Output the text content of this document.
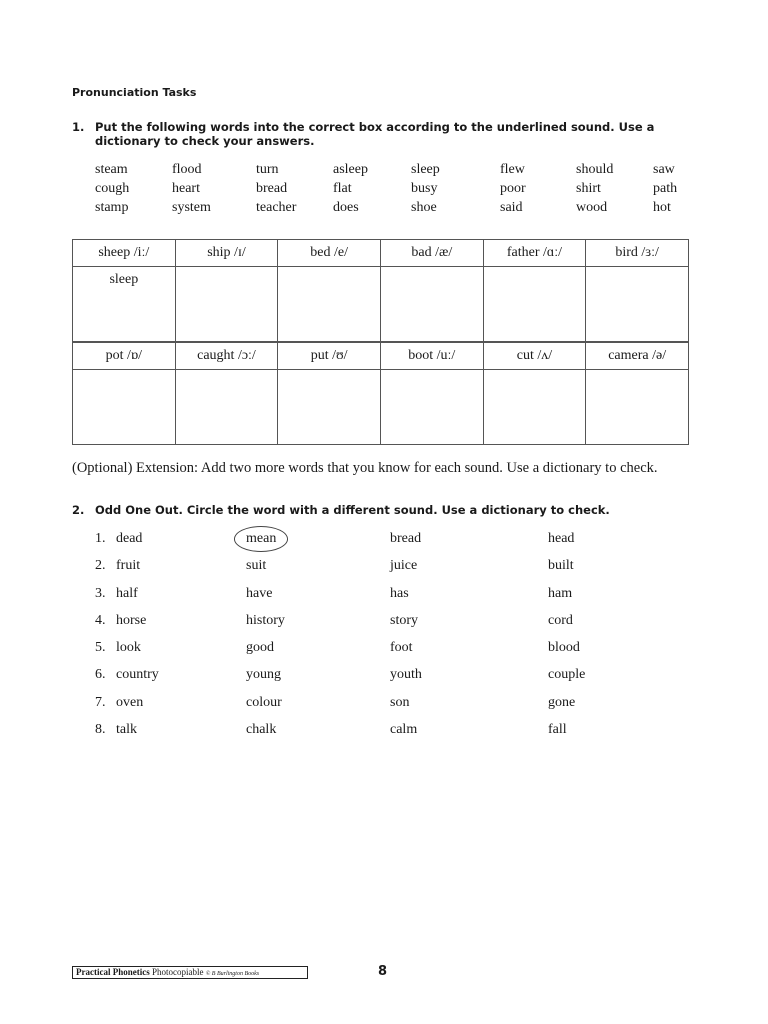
Pronunciation Tasks
1. Put the following words into the correct box according to the underlined sound. Use a dictionary to check your answers.
steam	flood	turn	asleep	sleep	flew	should	saw
cough	heart	bread	flat	busy	poor	shirt	path
stamp	system	teacher	does	shoe	said	wood	hot
sheep /iː/	ship /ɪ/	bed /e/	bad /æ/	father /ɑː/	bird /ɜː/

sleep					

pot /ɒ/	caught /ɔː/	put /ʊ/	boot /uː/	cut /ʌ/	camera /ə/

(Optional) Extension: Add two more words that you know for each sound. Use a dictionary to check.
2. Odd One Out. Circle the word with a different sound. Use a dictionary to check.
1. dead	mean	bread	head
2. fruit	suit	juice	built
3. half	have	has	ham
4. horse	history	story	cord
5. look	good	foot	blood
6. country	young	youth	couple
7. oven	colour	son	gone
8. talk	chalk	calm	fall
Practical Phonetics Photocopiable © B Burlington Books	8
